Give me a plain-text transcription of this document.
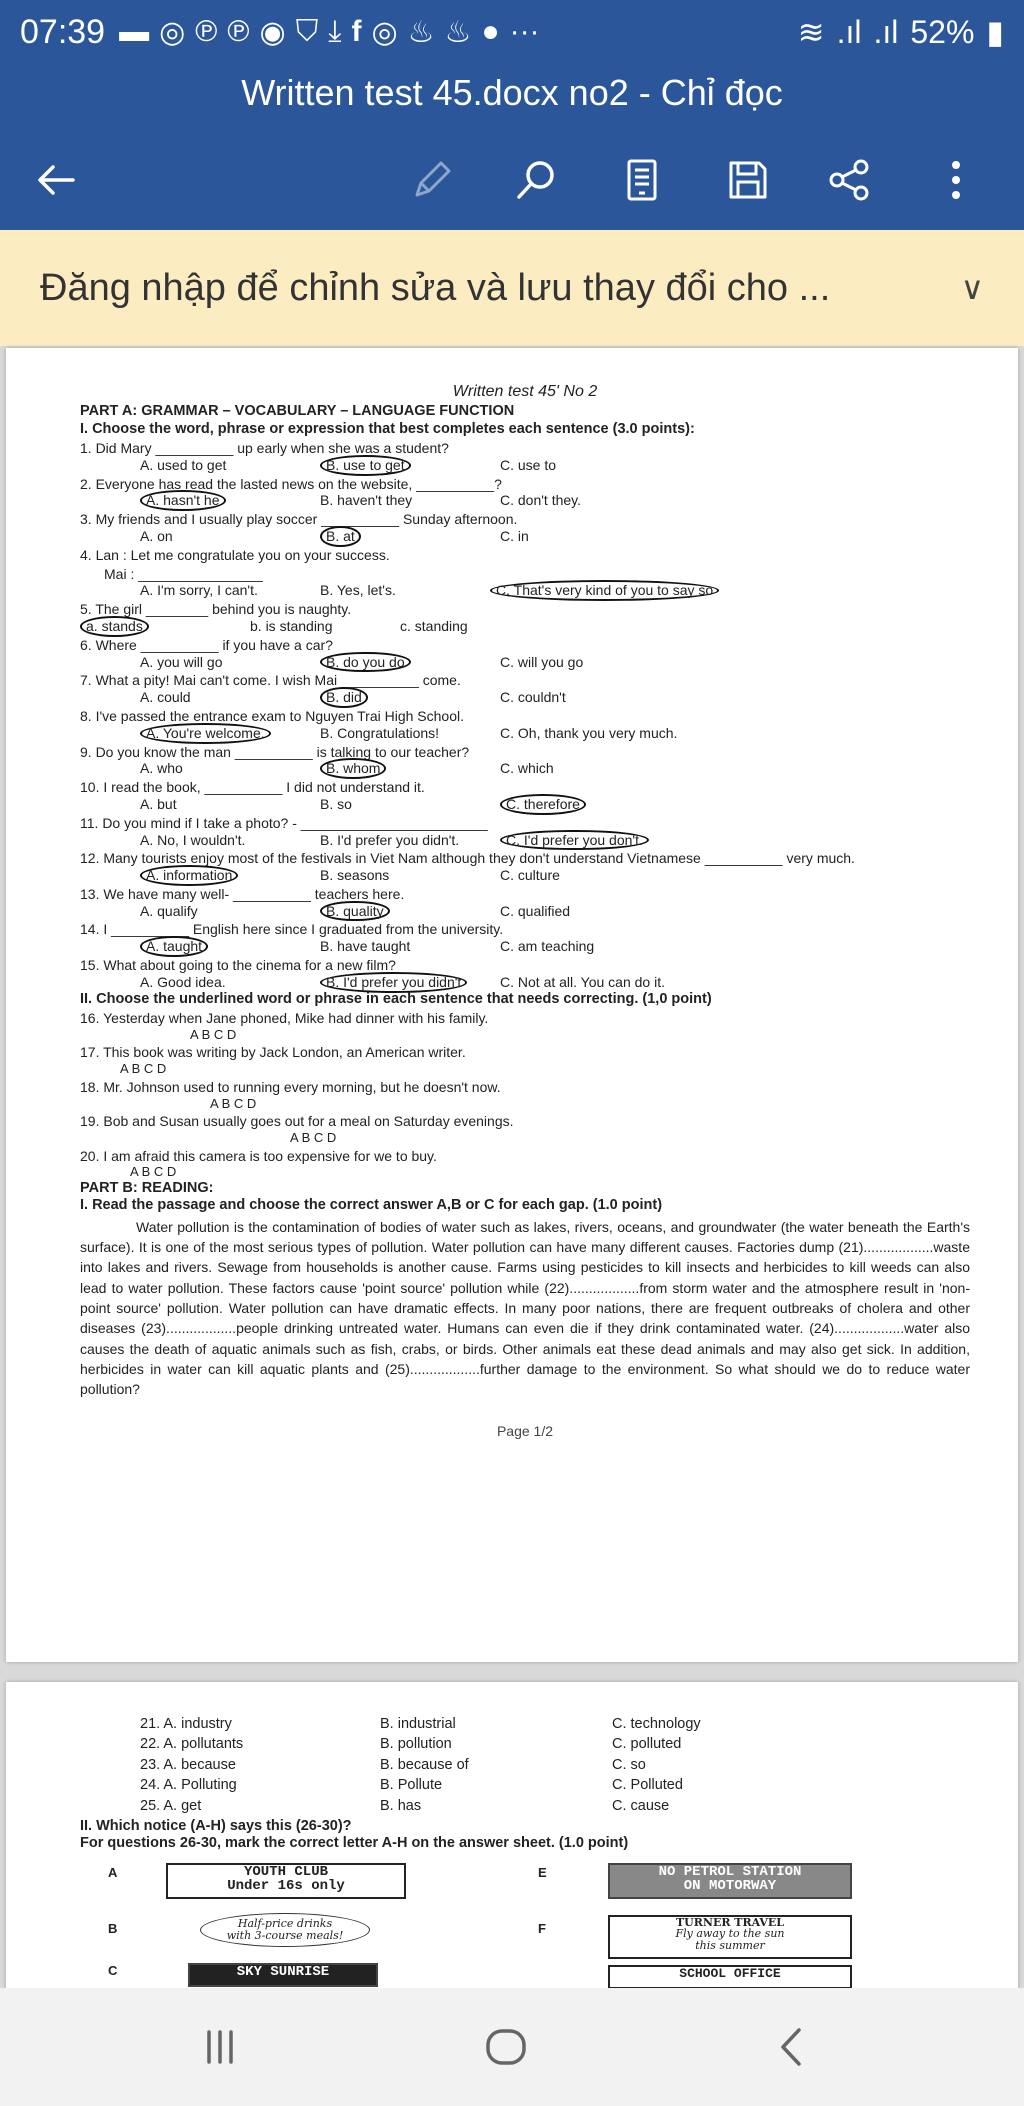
07:39 ▬ ◎ ℗ ℗ ◉ ⛉ ⤓ f ◎ ♨ ♨ ● ···	≋ .ıl .ıl 52% ▮
Written test 45.docx no2 - Chỉ đọc
Đăng nhập để chỉnh sửa và lưu thay đổi cho ...	∨
Written test 45' No 2
PART A: GRAMMAR – VOCABULARY – LANGUAGE FUNCTION
I. Choose the word, phrase or expression that best completes each sentence (3.0 points):
1. Did Mary __________ up early when she was a student?
A. used to get	B. use to get	C. use to
2. Everyone has read the lasted news on the website, __________?
A. hasn't he	B. haven't they	C. don't they.
3. My friends and I usually play soccer __________ Sunday afternoon.
A. on	B. at	C. in
4. Lan : Let me congratulate you on your success.
Mai : ________________
A. I'm sorry, I can't.	B. Yes, let's.	C. That's very kind of you to say so
5. The girl ________ behind you is naughty.
a. stands	b. is standing	c. standing
6. Where __________ if you have a car?
A. you will go	B. do you do	C. will you go
7. What a pity! Mai can't come. I wish Mai __________ come.
A. could	B. did	C. couldn't
8. I've passed the entrance exam to Nguyen Trai High School.
A. You're welcome.	B. Congratulations!	C. Oh, thank you very much.
9. Do you know the man __________ is talking to our teacher?
A. who	B. whom	C. which
10. I read the book, __________ I did not understand it.
A. but	B. so	C. therefore
11. Do you mind if I take a photo? - ________________________
A. No, I wouldn't.	B. I'd prefer you didn't.	C. I'd prefer you don't.
12. Many tourists enjoy most of the festivals in Viet Nam although they don't understand Vietnamese __________ very much.
A. information	B. seasons	C. culture
13. We have many well- __________ teachers here.
A. qualify	B. quality	C. qualified
14. I __________ English here since I graduated from the university.
A. taught	B. have taught	C. am teaching
15. What about going to the cinema for a new film?
A. Good idea.	B. I'd prefer you didn't	C. Not at all. You can do it.
II. Choose the underlined word or phrase in each sentence that needs correcting. (1,0 point)
16. Yesterday when Jane phoned, Mike had dinner with his family.
A B C D
17. This book was writing by Jack London, an American writer.
A B C D
18. Mr. Johnson used to running every morning, but he doesn't now.
A B C D
19. Bob and Susan usually goes out for a meal on Saturday evenings.
A B C D
20. I am afraid this camera is too expensive for we to buy.
A B C D
PART B: READING:
I. Read the passage and choose the correct answer A,B or C for each gap. (1.0 point)
Water pollution is the contamination of bodies of water such as lakes, rivers, oceans, and groundwater (the water beneath the Earth's surface). It is one of the most serious types of pollution. Water pollution can have many different causes. Factories dump (21)..................waste into lakes and rivers. Sewage from households is another cause. Farms using pesticides to kill insects and herbicides to kill weeds can also lead to water pollution. These factors cause 'point source' pollution while (22)..................from storm water and the atmosphere result in 'non-point source' pollution. Water pollution can have dramatic effects. In many poor nations, there are frequent outbreaks of cholera and other diseases (23)..................people drinking untreated water. Humans can even die if they drink contaminated water. (24)..................water also causes the death of aquatic animals such as fish, crabs, or birds. Other animals eat these dead animals and may also get sick. In addition, herbicides in water can kill aquatic plants and (25)..................further damage to the environment. So what should we do to reduce water pollution?
Page 1/2
21. A. industry	B. industrial	C. technology
22. A. pollutants	B. pollution	C. polluted
23. A. because	B. because of	C. so
24. A. Polluting	B. Pollute	C. Polluted
25. A. get	B. has	C. cause
II. Which notice (A-H) says this (26-30)?
For questions 26-30, mark the correct letter A-H on the answer sheet. (1.0 point)
A	YOUTH CLUB
Under 16s only
B	Half-price drinks
with 3-course meals!
C	SKY SUNRISE
E	NO PETROL STATION
ON MOTORWAY
F	TURNER TRAVEL
Fly away to the sun
this summer
SCHOOL OFFICE
